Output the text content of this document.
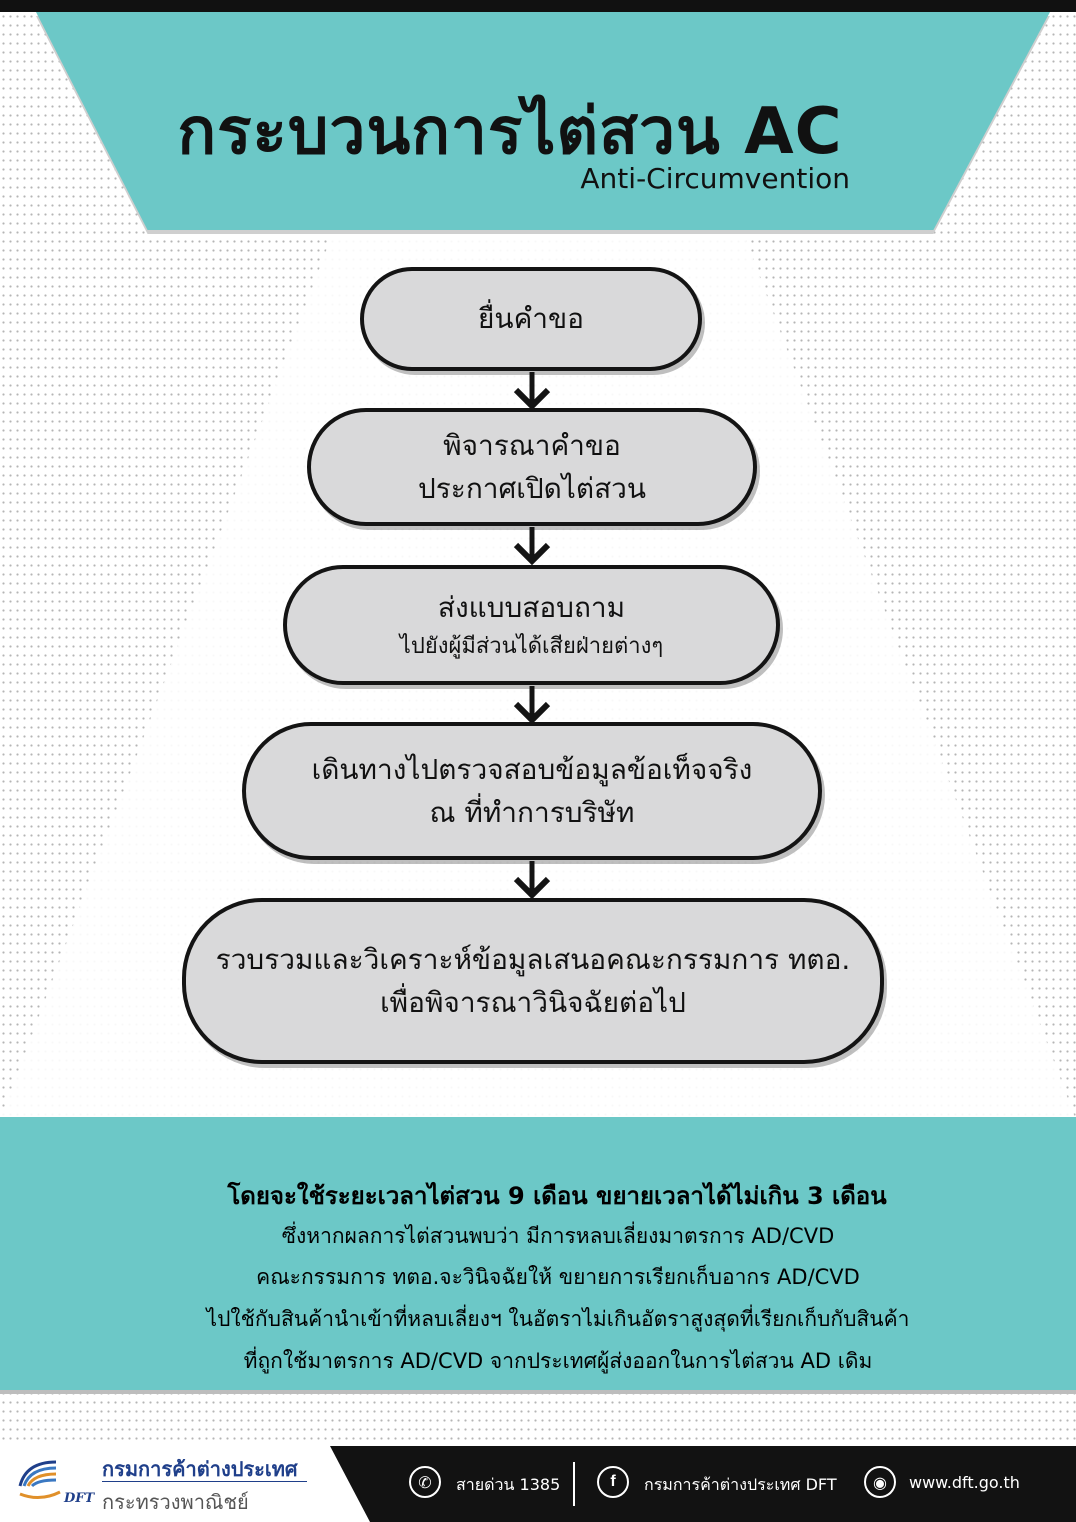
กระบวนการไต่สวน AC
Anti-Circumvention
ยื่นคำขอ
พิจารณาคำขอ
ประกาศเปิดไต่สวน
ส่งแบบสอบถาม
ไปยังผู้มีส่วนได้เสียฝ่ายต่างๆ
เดินทางไปตรวจสอบข้อมูลข้อเท็จจริง
ณ ที่ทำการบริษัท
รวบรวมและวิเคราะห์ข้อมูลเสนอคณะกรรมการ ทตอ.
เพื่อพิจารณาวินิจฉัยต่อไป

โดยจะใช้ระยะเวลาไต่สวน 9 เดือน ขยายเวลาได้ไม่เกิน 3 เดือน

ซึ่งหากผลการไต่สวนพบว่า มีการหลบเลี่ยงมาตรการ AD/CVD

คณะกรรมการ ทตอ.จะวินิจฉัยให้ ขยายการเรียกเก็บอากร AD/CVD

ไปใช้กับสินค้านำเข้าที่หลบเลี่ยงฯ ในอัตราไม่เกินอัตราสูงสุดที่เรียกเก็บกับสินค้า

ที่ถูกใช้มาตรการ AD/CVD จากประเทศผู้ส่งออกในการไต่สวน AD เดิม

DFT
กรมการค้าต่างประเทศ
กระทรวงพาณิชย์
✆	สายด่วน 1385	f	กรมการค้าต่างประเทศ DFT	◉	www.dft.go.th
